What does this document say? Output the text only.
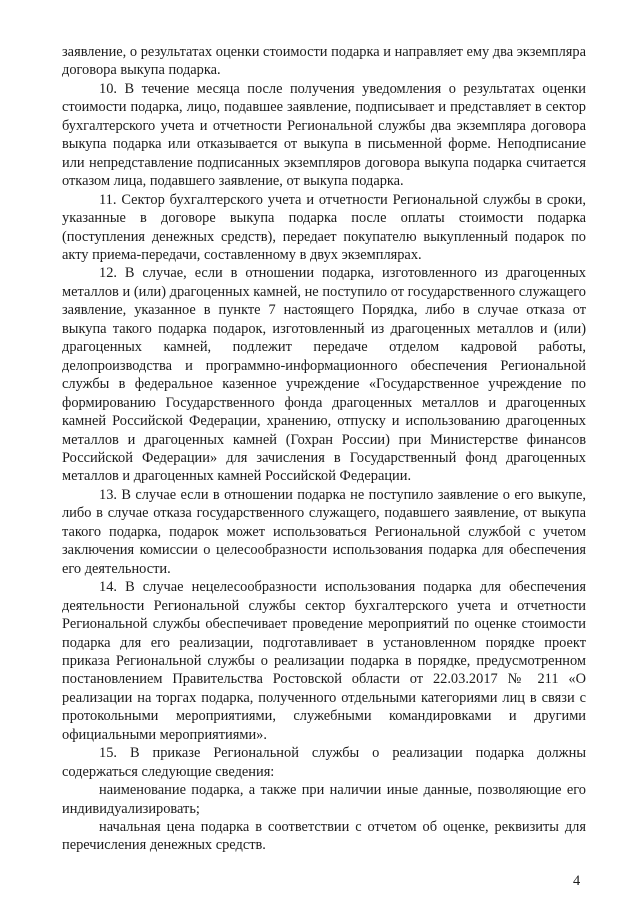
заявление, о результатах оценки стоимости подарка и направляет ему два экземпляра договора выкупа подарка.

10. В течение месяца после получения уведомления о результатах оценки стоимости подарка, лицо, подавшее заявление, подписывает и представляет в сектор бухгалтерского учета и отчетности Региональной службы два экземпляра договора выкупа подарка или отказывается от выкупа в письменной форме. Неподписание или непредставление подписанных экземпляров договора выкупа подарка считается отказом лица, подавшего заявление, от выкупа подарка.

11. Сектор бухгалтерского учета и отчетности Региональной службы в сроки, указанные в договоре выкупа подарка после оплаты стоимости подарка (поступления денежных средств), передает покупателю выкупленный подарок по акту приема-передачи, составленному в двух экземплярах.

12. В случае, если в отношении подарка, изготовленного из драгоценных металлов и (или) драгоценных камней, не поступило от государственного служащего заявление, указанное в пункте 7 настоящего Порядка, либо в случае отказа от выкупа такого подарка подарок, изготовленный из драгоценных металлов и (или) драгоценных камней, подлежит передаче отделом кадровой работы, делопроизводства и программно-информационного обеспечения Региональной службы в федеральное казенное учреждение «Государственное учреждение по формированию Государственного фонда драгоценных металлов и драгоценных камней Российской Федерации, хранению, отпуску и использованию драгоценных металлов и драгоценных камней (Гохран России) при Министерстве финансов Российской Федерации» для зачисления в Государственный фонд драгоценных металлов и драгоценных камней Российской Федерации.

13. В случае если в отношении подарка не поступило заявление о его выкупе, либо в случае отказа государственного служащего, подавшего заявление, от выкупа такого подарка, подарок может использоваться Региональной службой с учетом заключения комиссии о целесообразности использования подарка для обеспечения его деятельности.

14. В случае нецелесообразности использования подарка для обеспечения деятельности Региональной службы сектор бухгалтерского учета и отчетности Региональной службы обеспечивает проведение мероприятий по оценке стоимости подарка для его реализации, подготавливает в установленном порядке проект приказа Региональной службы о реализации подарка в порядке, предусмотренном постановлением Правительства Ростовской области от 22.03.2017 № 211 «О реализации на торгах подарка, полученного отдельными категориями лиц в связи с протокольными мероприятиями, служебными командировками и другими официальными мероприятиями».

15. В приказе Региональной службы о реализации подарка должны содержаться следующие сведения:

наименование подарка, а также при наличии иные данные, позволяющие его индивидуализировать;

начальная цена подарка в соответствии с отчетом об оценке, реквизиты для перечисления денежных средств.

4
